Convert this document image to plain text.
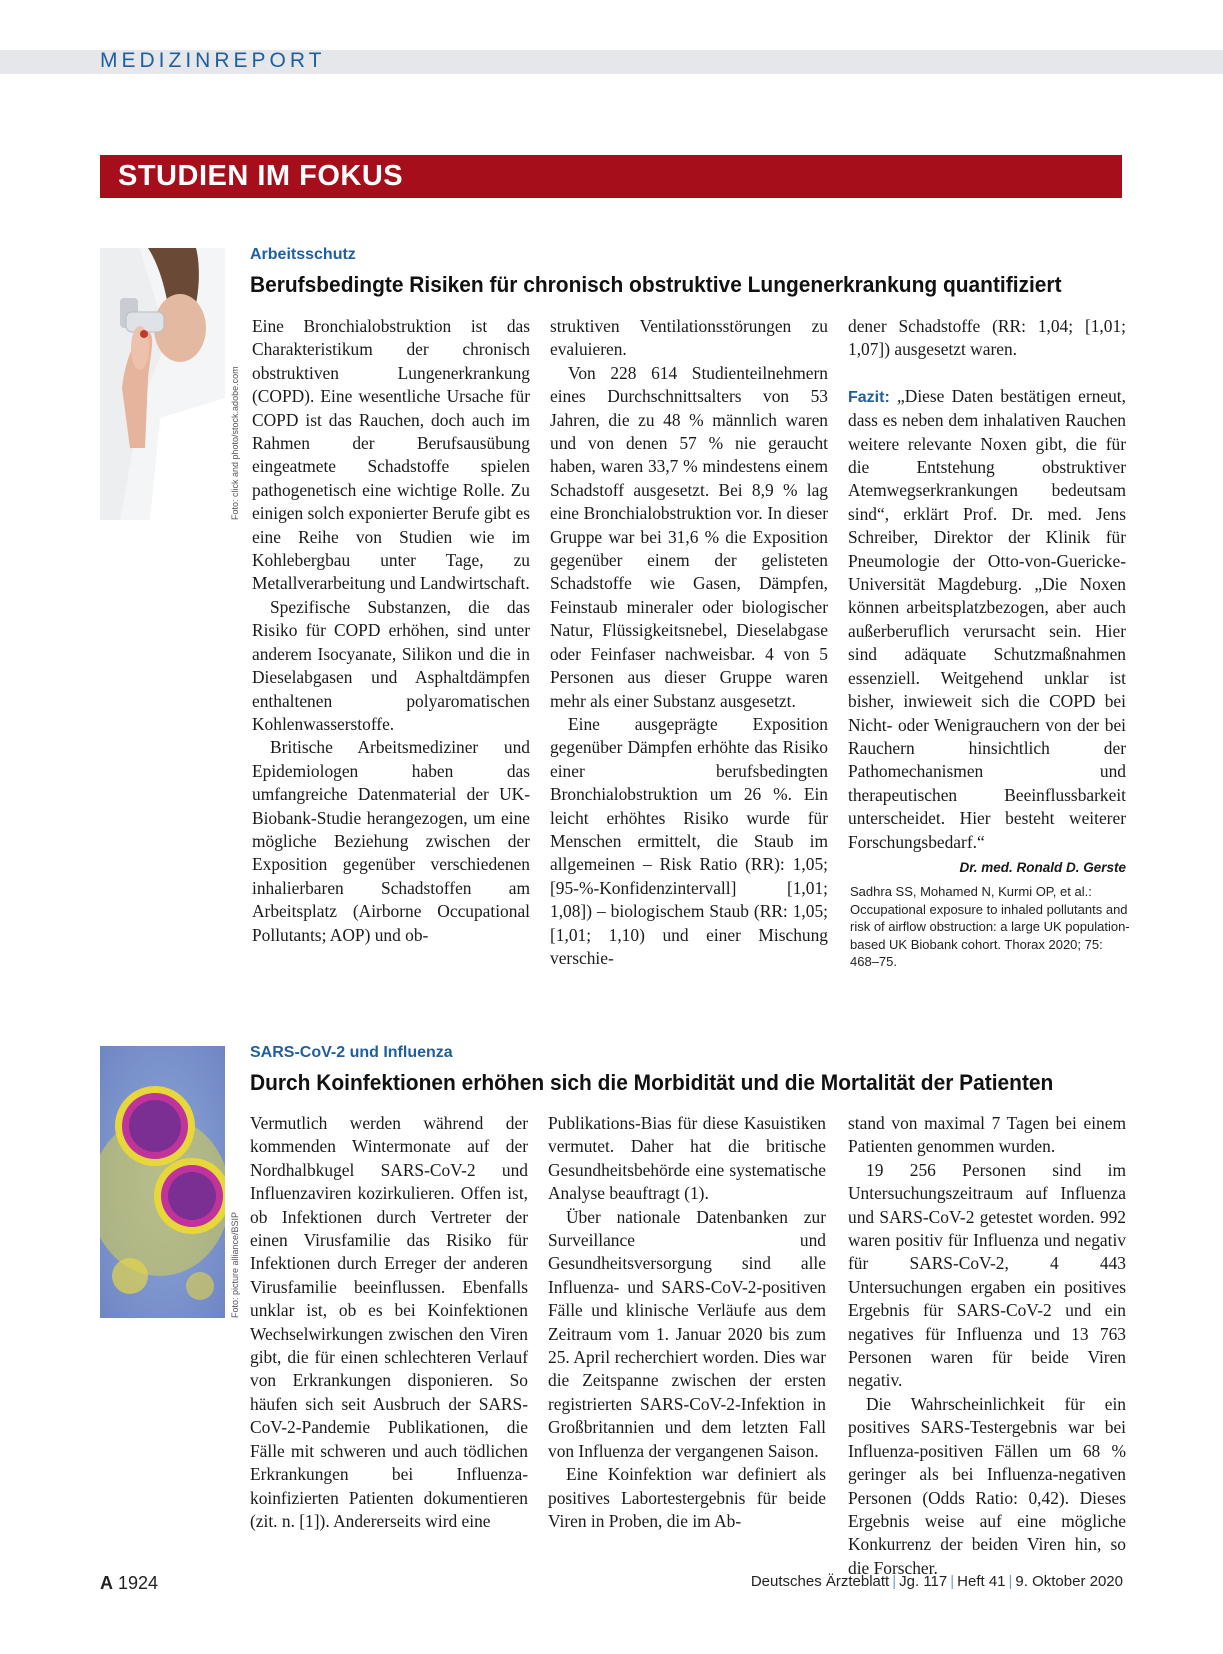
MEDIZINREPORT
STUDIEN IM FOKUS
Foto: click and photo/stock.adobe.com
Arbeitsschutz
Berufsbedingte Risiken für chronisch obstruktive Lungenerkrankung quantifiziert

Eine Bronchialobstruktion ist das Charakteristikum der chronisch obstruktiven Lungenerkrankung (COPD). Eine wesentliche Ursache für COPD ist das Rauchen, doch auch im Rahmen der Berufsausübung eingeatmete Schadstoffe spielen pathogenetisch eine wichtige Rolle. Zu einigen solch exponierter Berufe gibt es eine Reihe von Studien wie im Kohlebergbau unter Tage, zu Metallverarbeitung und Landwirtschaft.

Spezifische Substanzen, die das Risiko für COPD erhöhen, sind unter anderem Isocyanate, Silikon und die in Dieselabgasen und Asphaltdämpfen enthaltenen polyaromatischen Kohlenwasserstoffe.

Britische Arbeitsmediziner und Epidemiologen haben das umfangreiche Datenmaterial der UK-Biobank-Studie herangezogen, um eine mögliche Beziehung zwischen der Exposition gegenüber verschiedenen inhalierbaren Schadstoffen am Arbeitsplatz (Airborne Occupational Pollutants; AOP) und ob-

struktiven Ventilationsstörungen zu evaluieren.

Von 228 614 Studienteilnehmern eines Durchschnittsalters von 53 Jahren, die zu 48 % männlich waren und von denen 57 % nie geraucht haben, waren 33,7 % mindestens einem Schadstoff ausgesetzt. Bei 8,9 % lag eine Bronchialobstruktion vor. In dieser Gruppe war bei 31,6 % die Exposition gegenüber einem der gelisteten Schadstoffe wie Gasen, Dämpfen, Feinstaub mineraler oder biologischer Natur, Flüssigkeitsnebel, Dieselabgase oder Feinfaser nachweisbar. 4 von 5 Personen aus dieser Gruppe waren mehr als einer Substanz ausgesetzt.

Eine ausgeprägte Exposition gegenüber Dämpfen erhöhte das Risiko einer berufsbedingten Bronchialobstruktion um 26 %. Ein leicht erhöhtes Risiko wurde für Menschen ermittelt, die Staub im allgemeinen – Risk Ratio (RR): 1,05; [95-%-Konfidenzintervall] [1,01; 1,08]) – biologischem Staub (RR: 1,05; [1,01; 1,10) und einer Mischung verschie-

dener Schadstoffe (RR: 1,04; [1,01; 1,07]) ausgesetzt waren.

Fazit: „Diese Daten bestätigen erneut, dass es neben dem inhalativen Rauchen weitere relevante Noxen gibt, die für die Entstehung obstruktiver Atemwegserkrankungen bedeutsam sind“, erklärt Prof. Dr. med. Jens Schreiber, Direktor der Klinik für Pneumologie der Otto-von-Guericke-Universität Magdeburg. „Die Noxen können arbeitsplatzbezogen, aber auch außerberuflich verursacht sein. Hier sind adäquate Schutzmaßnahmen essenziell. Weitgehend unklar ist bisher, inwieweit sich die COPD bei Nicht- oder Wenigrauchern von der bei Rauchern hinsichtlich der Pathomechanismen und therapeutischen Beeinflussbarkeit unterscheidet. Hier besteht weiterer Forschungsbedarf.“

Dr. med. Ronald D. Gerste
Sadhra SS, Mohamed N, Kurmi OP, et al.: Occupational exposure to inhaled pollutants and risk of airflow obstruction: a large UK population-based UK Biobank cohort. Thorax 2020; 75: 468–75.
Foto: picture alliance/BSIP
SARS-CoV-2 und Influenza
Durch Koinfektionen erhöhen sich die Morbidität und die Mortalität der Patienten

Vermutlich werden während der kommenden Wintermonate auf der Nordhalbkugel SARS-CoV-2 und Influenzaviren kozirkulieren. Offen ist, ob Infektionen durch Vertreter der einen Virusfamilie das Risiko für Infektionen durch Erreger der anderen Virusfamilie beeinflussen. Ebenfalls unklar ist, ob es bei Koinfektionen Wechselwirkungen zwischen den Viren gibt, die für einen schlechteren Verlauf von Erkrankungen disponieren. So häufen sich seit Ausbruch der SARS-CoV-2-Pandemie Publikationen, die Fälle mit schweren und auch tödlichen Erkrankungen bei Influenza-koinfizierten Patienten dokumentieren (zit. n. [1]). Andererseits wird eine

Publikations-Bias für diese Kasuistiken vermutet. Daher hat die britische Gesundheitsbehörde eine systematische Analyse beauftragt (1).

Über nationale Datenbanken zur Surveillance und Gesundheitsversorgung sind alle Influenza- und SARS-CoV-2-positiven Fälle und klinische Verläufe aus dem Zeitraum vom 1. Januar 2020 bis zum 25. April recherchiert worden. Dies war die Zeitspanne zwischen der ersten registrierten SARS-CoV-2-Infektion in Großbritannien und dem letzten Fall von Influenza der vergangenen Saison.

Eine Koinfektion war definiert als positives Labortestergebnis für beide Viren in Proben, die im Ab-

stand von maximal 7 Tagen bei einem Patienten genommen wurden.

19 256 Personen sind im Untersuchungszeitraum auf Influenza und SARS-CoV-2 getestet worden. 992 waren positiv für Influenza und negativ für SARS-CoV-2, 4 443 Untersuchungen ergaben ein positives Ergebnis für SARS-CoV-2 und ein negatives für Influenza und 13 763 Personen waren für beide Viren negativ.

Die Wahrscheinlichkeit für ein positives SARS-Testergebnis war bei Influenza-positiven Fällen um 68 % geringer als bei Influenza-negativen Personen (Odds Ratio: 0,42). Dieses Ergebnis weise auf eine mögliche Konkurrenz der beiden Viren hin, so die Forscher.

A 1924	Deutsches Ärzteblatt | Jg. 117 | Heft 41 | 9. Oktober 2020
